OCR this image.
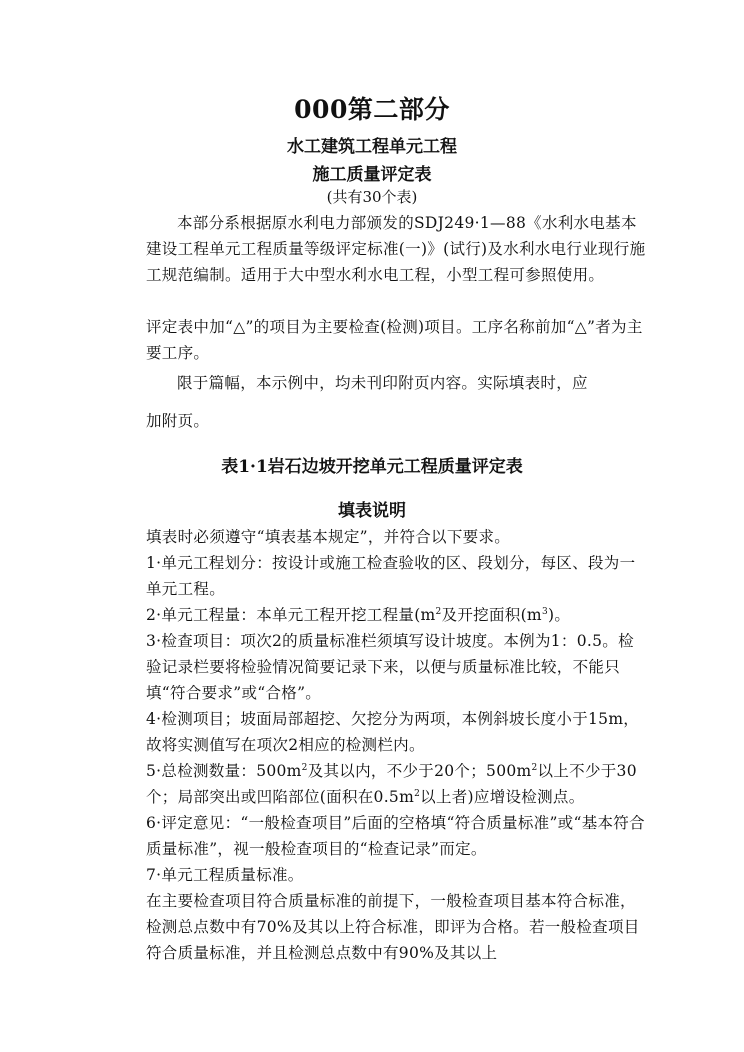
000第二部分
水工建筑工程单元工程
施工质量评定表
(共有30个表)
本部分系根据原水利电力部颁发的SDJ249·1—88《水利水电基本建设工程单元工程质量等级评定标准(一)》(试行)及水利水电行业现行施工规范编制。适用于大中型水利水电工程，小型工程可参照使用。
评定表中加“△”的项目为主要检查(检测)项目。工序名称前加“△”者为主要工序。
限于篇幅，本示例中，均未刊印附页内容。实际填表时，应
加附页。
表1·1岩石边坡开挖单元工程质量评定表
填表说明
填表时必须遵守“填表基本规定”，并符合以下要求。
1·单元工程划分：按设计或施工检查验收的区、段划分，每区、段为一单元工程。
2·单元工程量：本单元工程开挖工程量($m^2$及开挖面积$(m^3)$。
3·检查项目：项次2的质量标准栏须填写设计坡度。本例为1：0.5。检验记录栏要将检验情况简要记录下来，以便与质量标准比较，不能只填“符合要求”或“合格”。
4·检测项目；坡面局部超挖、欠挖分为两项，本例斜坡长度小于15m，故将实测值写在项次2相应的检测栏内。
5·总检测数量：$500m^2$及其以内，不少于20个；$500m^2$以上不少于30个；局部突出或凹陷部位(面积在$0.5m^2$以上者)应增设检测点。
6·评定意见：“一般检查项目”后面的空格填“符合质量标准”或“基本符合质量标准”，视一般检查项目的“检查记录”而定。
7·单元工程质量标准。
在主要检查项目符合质量标准的前提下，一般检查项目基本符合标准，检测总点数中有70%及其以上符合标准，即评为合格。若一般检查项目符合质量标准，并且检测总点数中有90%及其以上
